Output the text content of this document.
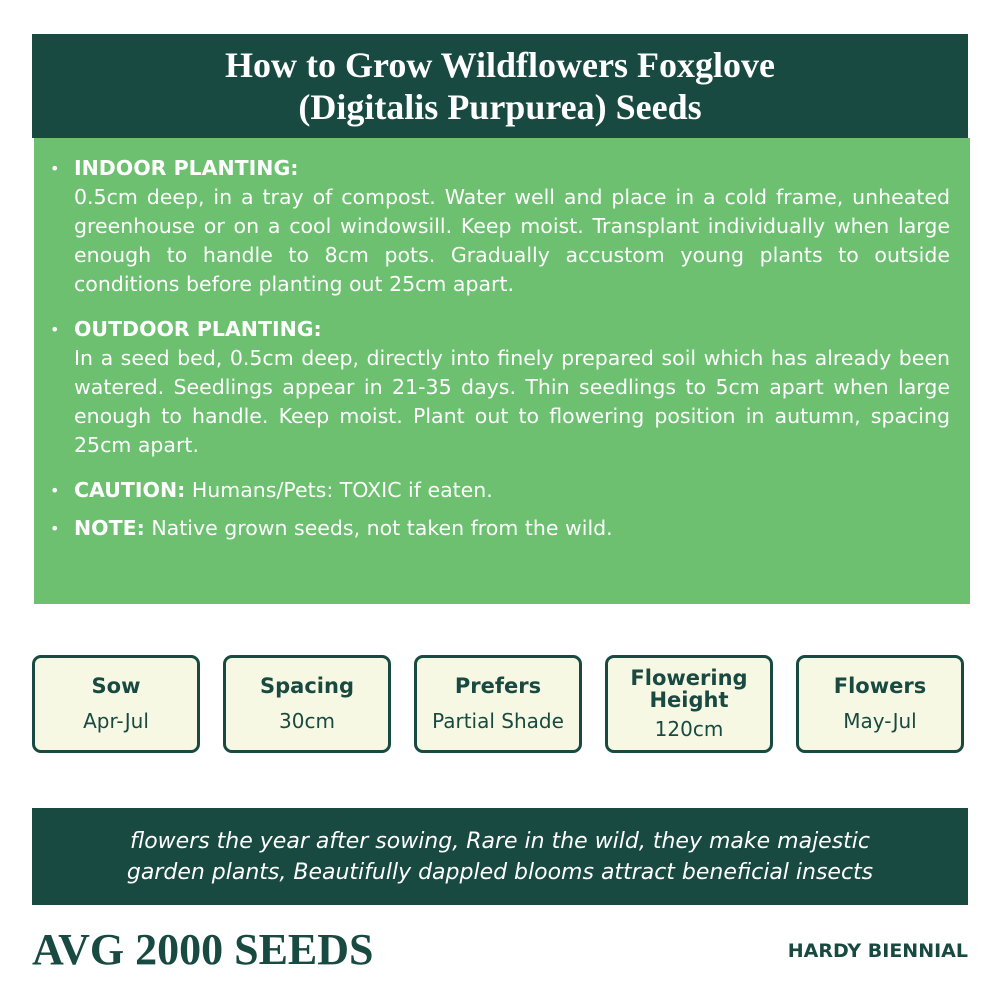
How to Grow Wildflowers Foxglove
(Digitalis Purpurea) Seeds
• INDOOR PLANTING:
0.5cm deep, in a tray of compost. Water well and place in a cold frame, unheated greenhouse or on a cool windowsill. Keep moist. Transplant individually when large enough to handle to 8cm pots. Gradually accustom young plants to outside conditions before planting out 25cm apart.
• OUTDOOR PLANTING:
In a seed bed, 0.5cm deep, directly into finely prepared soil which has already been watered. Seedlings appear in 21-35 days. Thin seedlings to 5cm apart when large enough to handle. Keep moist. Plant out to flowering position in autumn, spacing 25cm apart.
• CAUTION: Humans/Pets: TOXIC if eaten.
• NOTE: Native grown seeds, not taken from the wild.
Sow
Apr-Jul
Spacing
30cm
Prefers
Partial Shade
Flowering
Height
120cm
Flowers
May-Jul
flowers the year after sowing, Rare in the wild, they make majestic
garden plants, Beautifully dappled blooms attract beneficial insects
AVG 2000 SEEDS	HARDY BIENNIAL
